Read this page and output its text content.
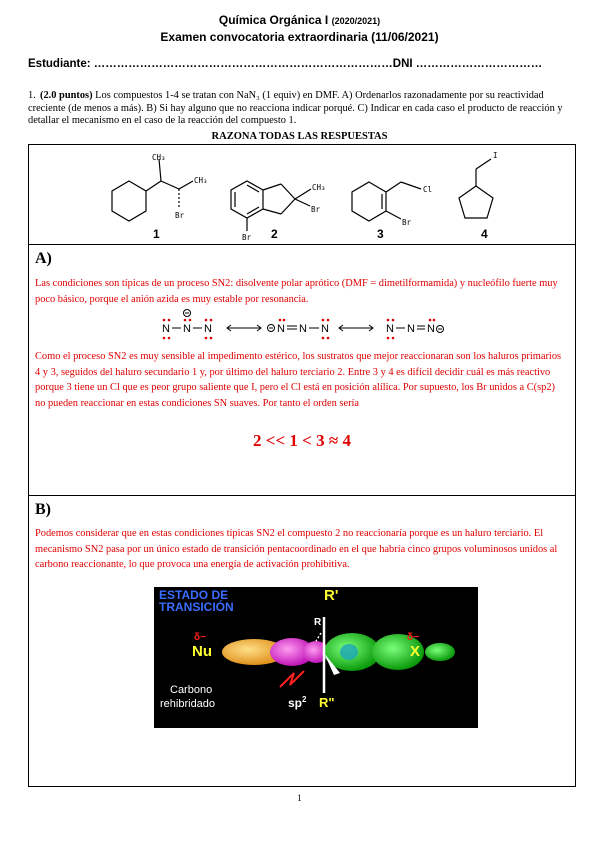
Química Orgánica I (2020/2021)
Examen convocatoria extraordinaria (11/06/2021)
Estudiante: ……………………………………………………………………DNI ……………………………
1. (2.0 puntos) Los compuestos 1-4 se tratan con NaN₃ (1 equiv) en DMF. A) Ordenarlos razonadamente por su reactividad creciente (de menos a más). B) Si hay alguno que no reacciona indicar porqué. C) Indicar en cada caso el producto de reacción y detallar el mecanismo en el caso de la reacción del compuesto 1.
RAZONA TODAS LAS RESPUESTAS
CH₃
CH₃
Br
CH₃
Br
Br
Cl
Br
I
1	2	3	4
A)
Las condiciones son típicas de un proceso SN2: disolvente polar aprótico (DMF = dimetilformamida) y nucleófilo fuerte muy poco básico, porque el anión azida es muy estable por resonancia.
N N N	N N N	N N N
Como el proceso SN2 es muy sensible al impedimento estérico, los sustratos que mejor reaccionaran son los haluros primarios 4 y 3, seguidos del haluro secundario 1 y, por último del haluro terciario 2. Entre 3 y 4 es difícil decidir cuál es más reactivo porque 3 tiene un Cl que es peor grupo saliente que I, pero el Cl está en posición alílica. Por supuesto, los Br unidos a C(sp2) no pueden reaccionar en estas condiciones SN suaves. Por tanto el orden sería
2 << 1 < 3 ≈ 4
B)
Podemos considerar que en estas condiciones típicas SN2 el compuesto 2 no reaccionaría porque es un haluro terciario. El mecanismo SN2 pasa por un único estado de transición pentacoordinado en el que habría cinco grupos voluminosos unidos al carbono reaccionante, lo que provoca una energía de activación prohibitiva.
ESTADO DE
TRANSICIÓN
R'
R
δ−
Nu
δ−
X
$sp^2$ R"
Carbono
rehibridado
1
